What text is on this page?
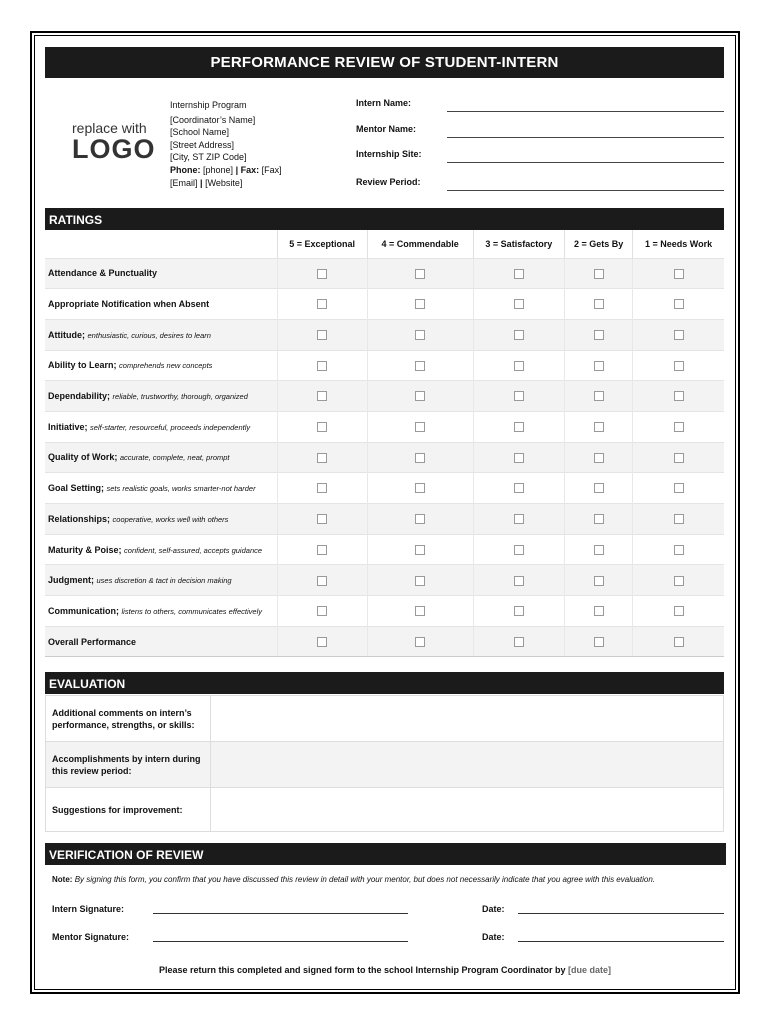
PERFORMANCE REVIEW OF STUDENT-INTERN
replace with
LOGO
Internship Program
[Coordinator’s Name]
[School Name]
[Street Address]
[City, ST ZIP Code]
Phone: [phone] | Fax: [Fax]
[Email] | [Website]
Intern Name:
Mentor Name:
Internship Site:
Review Period:
RATINGS
	5 = Exceptional	4 = Commendable	3 = Satisfactory	2 = Gets By	1 = Needs Work
Attendance & Punctuality					
Appropriate Notification when Absent					
Attitude; enthusiastic, curious, desires to learn					
Ability to Learn; comprehends new concepts					
Dependability; reliable, trustworthy, thorough, organized					
Initiative; self-starter, resourceful, proceeds independently					
Quality of Work; accurate, complete, neat, prompt					
Goal Setting; sets realistic goals, works smarter-not harder					
Relationships; cooperative, works well with others					
Maturity & Poise; confident, self-assured, accepts guidance					
Judgment; uses discretion & tact in decision making					
Communication; listens to others, communicates effectively					
Overall Performance					
EVALUATION
Additional comments on intern’s
performance, strengths, or skills:	

Accomplishments by intern during
this review period:	

Suggestions for improvement:	

VERIFICATION OF REVIEW
Note: By signing this form, you confirm that you have discussed this review in detail with your mentor, but does not necessarily indicate that you agree with this evaluation.
Intern Signature:	Date:
Mentor Signature:	Date:
Please return this completed and signed form to the school Internship Program Coordinator by [due date]
